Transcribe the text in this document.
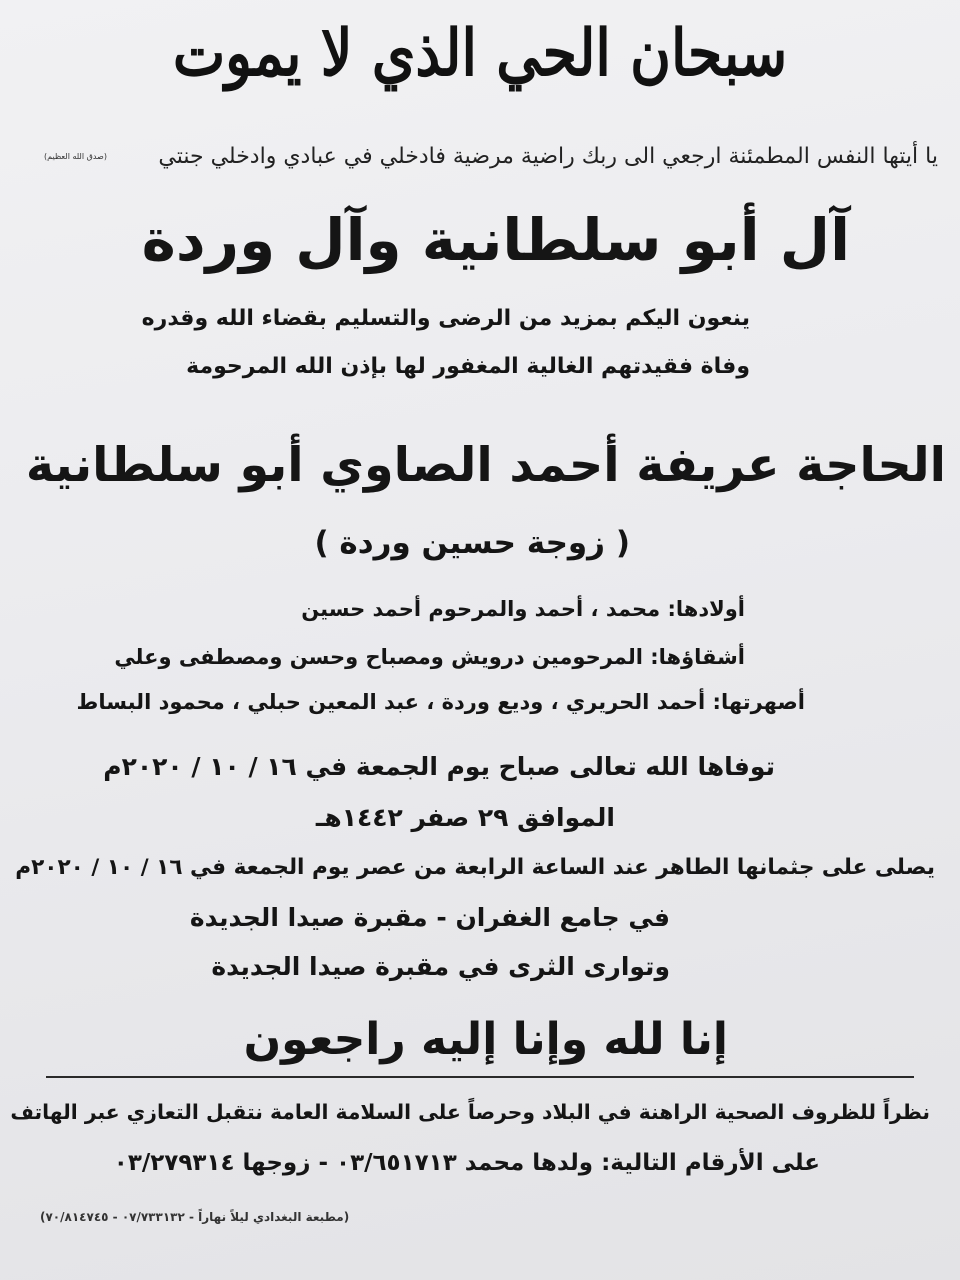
سبحان الحي الذي لا يموت
يا أيتها النفس المطمئنة ارجعي الى ربك راضية مرضية فادخلي في عبادي وادخلي جنتي
(صدق الله العظيم)
آل أبو سلطانية وآل وردة
ينعون اليكم بمزيد من الرضى والتسليم بقضاء الله وقدره
وفاة فقيدتهم الغالية المغفور لها بإذن الله المرحومة
الحاجة عريفة أحمد الصاوي أبو سلطانية
( زوجة حسين وردة )
أولادها: محمد ، أحمد والمرحوم أحمد حسين
أشقاؤها: المرحومين درويش ومصباح وحسن ومصطفى وعلي
أصهرتها: أحمد الحريري ، وديع وردة ، عبد المعين حبلي ، محمود البساط
توفاها الله تعالى صباح يوم الجمعة في ١٦ / ١٠ / ٢٠٢٠م
الموافق ٢٩ صفر ١٤٤٢هـ
يصلى على جثمانها الطاهر عند الساعة الرابعة من عصر يوم الجمعة في ١٦ / ١٠ / ٢٠٢٠م
في جامع الغفران - مقبرة صيدا الجديدة
وتوارى الثرى في مقبرة صيدا الجديدة
إنا لله وإنا إليه راجعون
نظراً للظروف الصحية الراهنة في البلاد وحرصاً على السلامة العامة نتقبل التعازي عبر الهاتف
على الأرقام التالية: ولدها محمد ٠٣/٦٥١٧١٣ - زوجها ٠٣/٢٧٩٣١٤
(مطبعة البغدادي ليلاً نهاراً - ٠٧/٧٣٣١٣٢ - ٧٠/٨١٤٧٤٥)
